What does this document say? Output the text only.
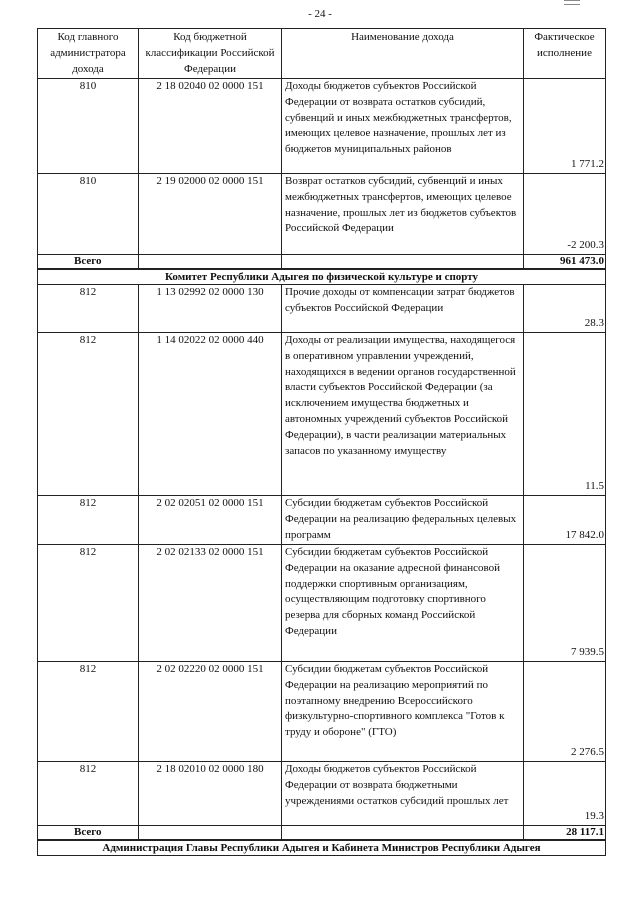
- 24 -
Код главного администратора дохода	Код бюджетной классификации Российской Федерации	Наименование дохода	Фактическое исполнение
810	2 18 02040 02 0000 151	Доходы бюджетов субъектов Российской Федерации от возврата остатков субсидий, субвенций и иных межбюджетных трансфертов, имеющих целевое назначение, прошлых лет из бюджетов муниципальных районов	1 771.2
810	2 19 02000 02 0000 151	Возврат остатков субсидий, субвенций и иных межбюджетных трансфертов, имеющих целевое назначение, прошлых лет из бюджетов субъектов Российской Федерации	-2 200.3
Всего			961 473.0
Комитет Республики Адыгея по физической культуре и спорту			
812	1 13 02992 02 0000 130	Прочие доходы от компенсации затрат бюджетов субъектов Российской Федерации	28.3
812	1 14 02022 02 0000 440	Доходы от реализации имущества, находящегося в оперативном управлении учреждений, находящихся в ведении органов государственной власти субъектов Российской Федерации (за исключением имущества бюджетных и автономных учреждений субъектов Российской Федерации), в части реализации материальных запасов по указанному имуществу	11.5
812	2 02 02051 02 0000 151	Субсидии бюджетам субъектов Российской Федерации на реализацию федеральных целевых программ	17 842.0
812	2 02 02133 02 0000 151	Субсидии бюджетам субъектов Российской Федерации на оказание адресной финансовой поддержки спортивным организациям, осуществляющим подготовку спортивного резерва для сборных команд Российской Федерации	7 939.5
812	2 02 02220 02 0000 151	Субсидии бюджетам субъектов Российской Федерации на реализацию мероприятий по поэтапному внедрению Всероссийского физкультурно-спортивного комплекса "Готов к труду и обороне" (ГТО)	2 276.5
812	2 18 02010 02 0000 180	Доходы бюджетов субъектов Российской Федерации от возврата бюджетными учреждениями остатков субсидий прошлых лет	19.3
Всего			28 117.1
Администрация Главы Республики Адыгея и Кабинета Министров Республики Адыгея			
